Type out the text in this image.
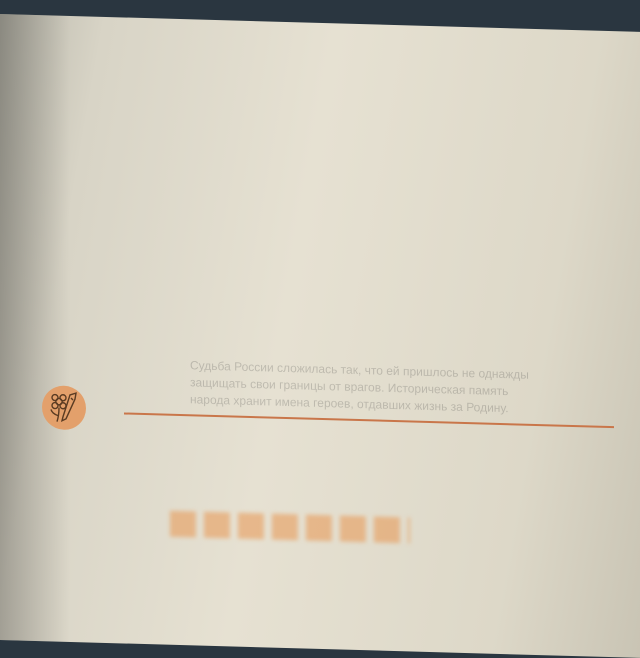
Судьба России сложилась так, что ей пришлось не однажды
защищать свои границы от врагов. Историческая память
народа хранит имена героев, отдавших жизнь за Родину.
